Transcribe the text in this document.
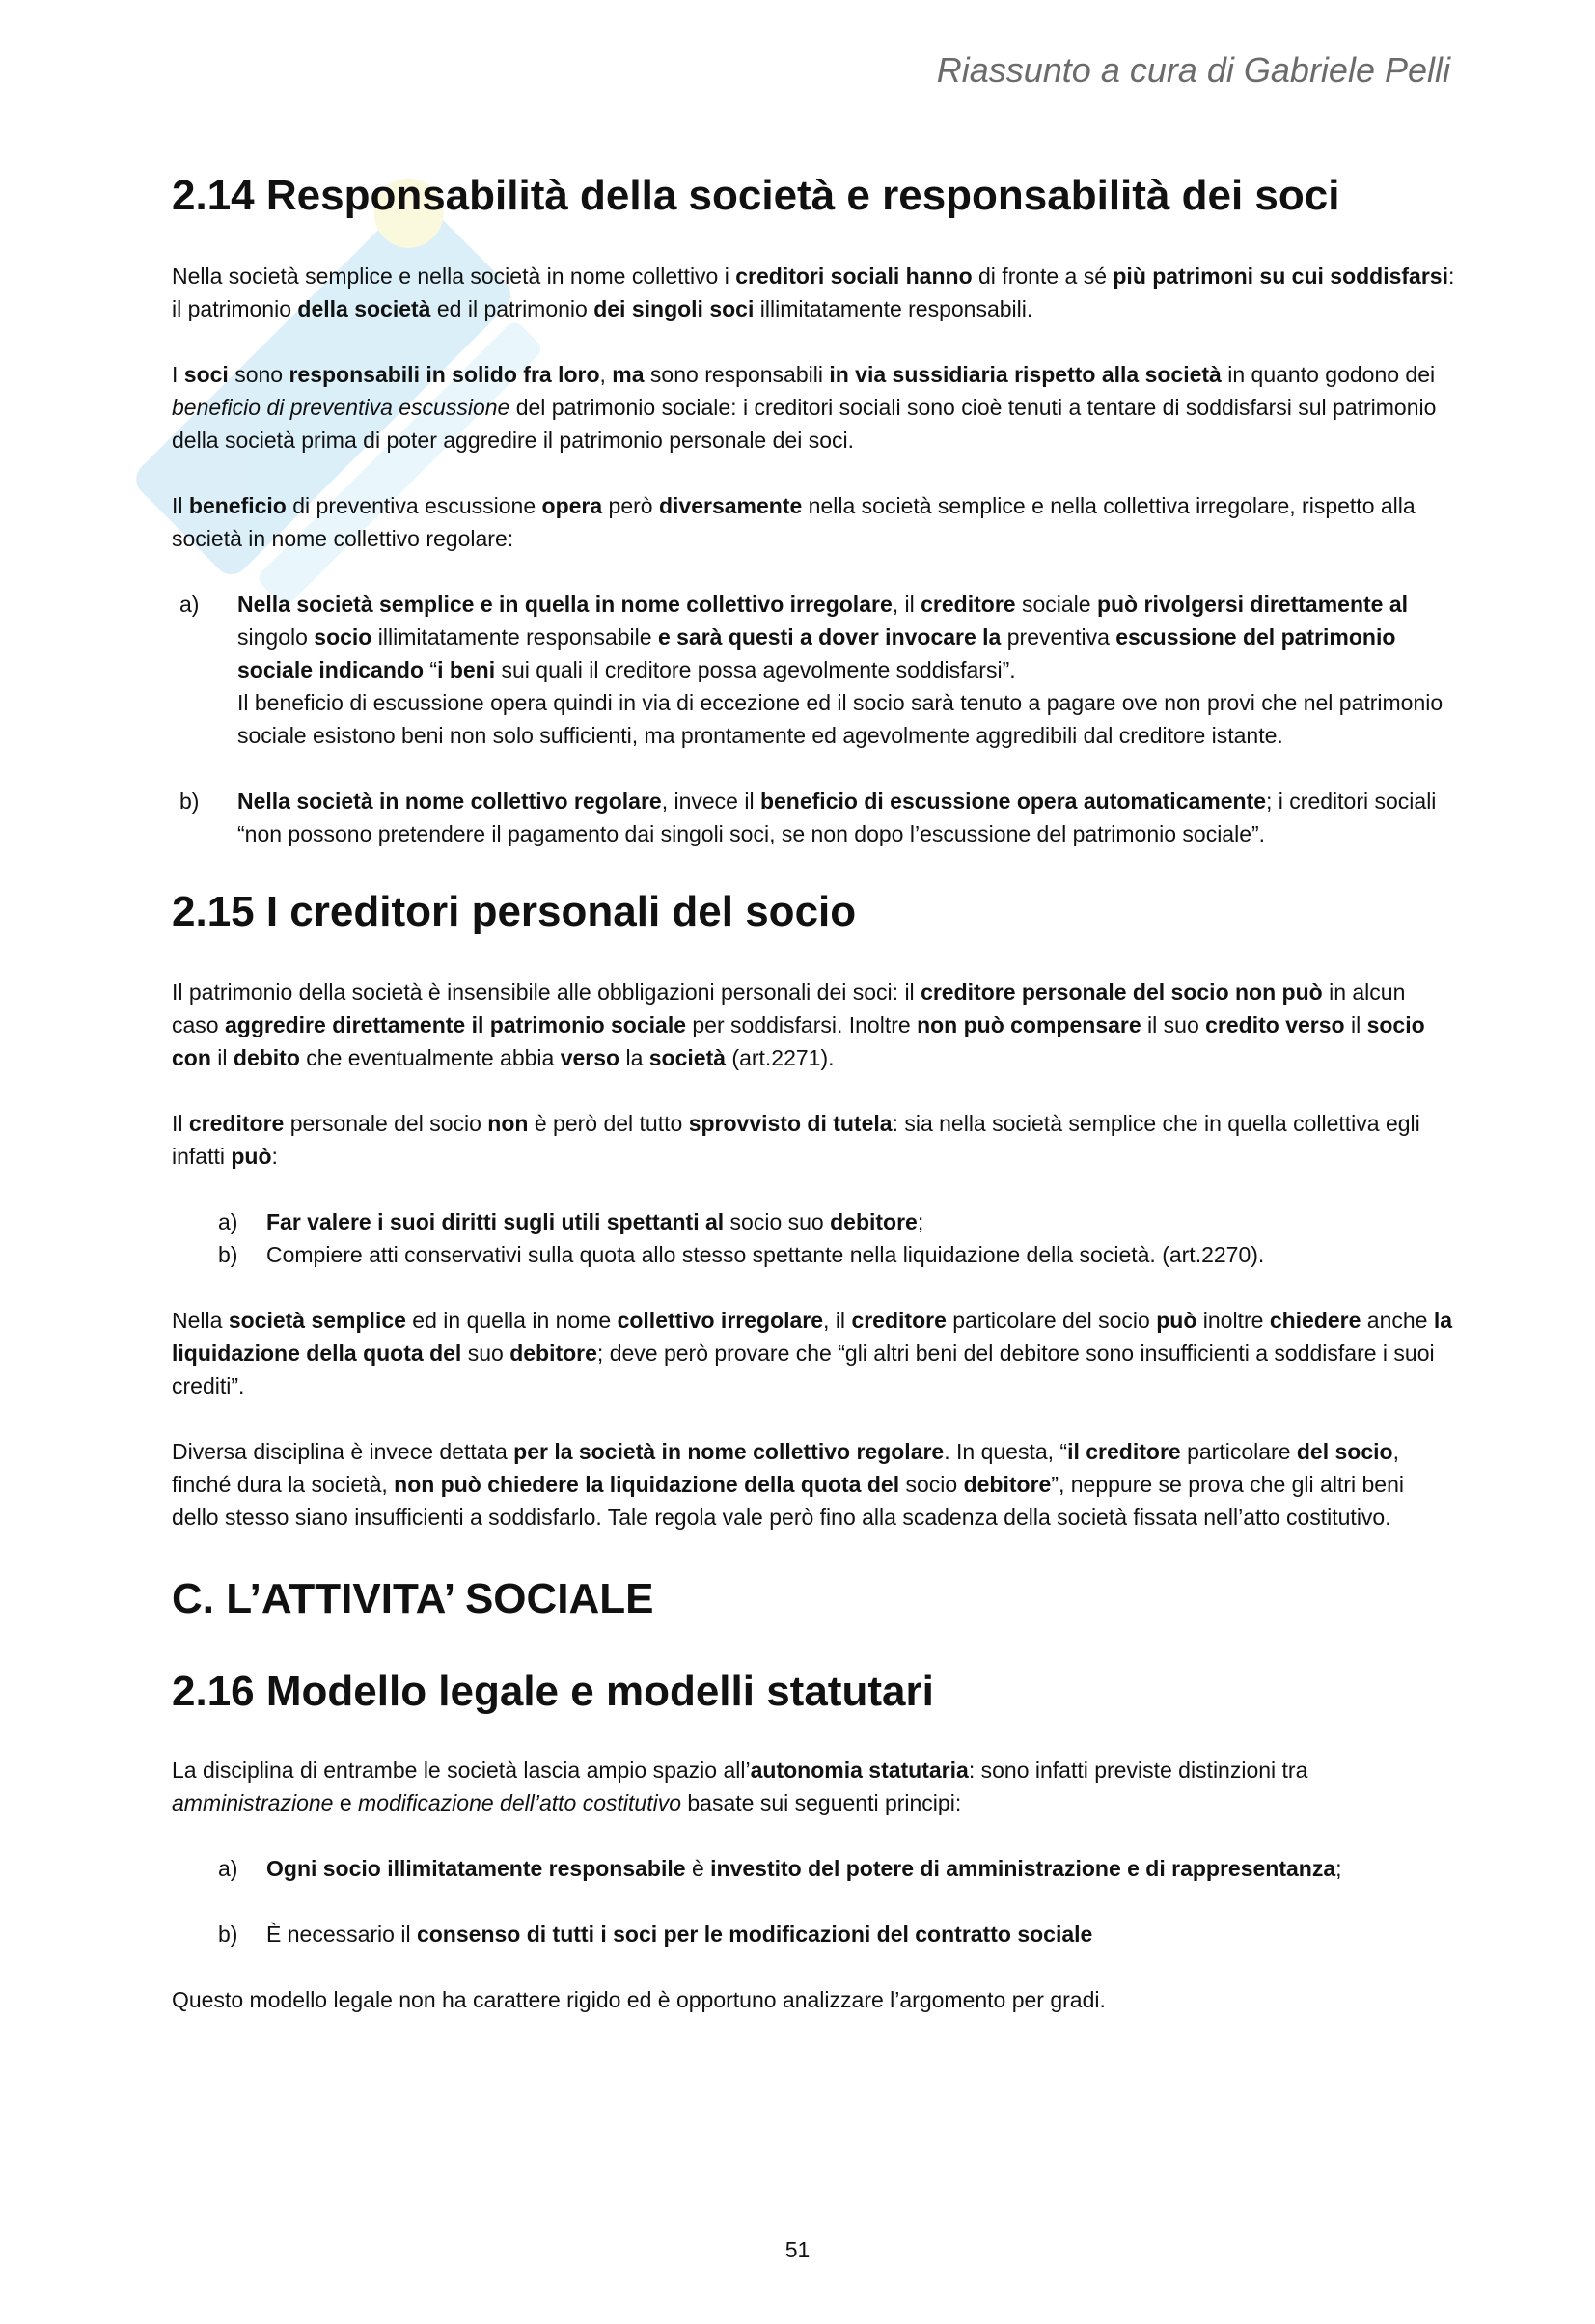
Riassunto a cura di Gabriele Pelli
2.14 Responsabilità della società e responsabilità dei soci

Nella società semplice e nella società in nome collettivo i creditori sociali hanno di fronte a sé più patrimoni su cui soddisfarsi: il patrimonio della società ed il patrimonio dei singoli soci illimitatamente responsabili.

I soci sono responsabili in solido fra loro, ma sono responsabili in via sussidiaria rispetto alla società in quanto godono dei beneficio di preventiva escussione del patrimonio sociale: i creditori sociali sono cioè tenuti a tentare di soddisfarsi sul patrimonio della società prima di poter aggredire il patrimonio personale dei soci.

Il beneficio di preventiva escussione opera però diversamente nella società semplice e nella collettiva irregolare, rispetto alla società in nome collettivo regolare:

a)	Nella società semplice e in quella in nome collettivo irregolare, il creditore sociale può rivolgersi direttamente al singolo socio illimitatamente responsabile e sarà questi a dover invocare la preventiva escussione del patrimonio sociale indicando “i beni sui quali il creditore possa agevolmente soddisfarsi”.
Il beneficio di escussione opera quindi in via di eccezione ed il socio sarà tenuto a pagare ove non provi che nel patrimonio sociale esistono beni non solo sufficienti, ma prontamente ed agevolmente aggredibili dal creditore istante.
b)	Nella società in nome collettivo regolare, invece il beneficio di escussione opera automaticamente; i creditori sociali “non possono pretendere il pagamento dai singoli soci, se non dopo l’escussione del patrimonio sociale”.
2.15 I creditori personali del socio

Il patrimonio della società è insensibile alle obbligazioni personali dei soci: il creditore personale del socio non può in alcun caso aggredire direttamente il patrimonio sociale per soddisfarsi. Inoltre non può compensare il suo credito verso il socio con il debito che eventualmente abbia verso la società (art.2271).

Il creditore personale del socio non è però del tutto sprovvisto di tutela: sia nella società semplice che in quella collettiva egli infatti può:

a)	Far valere i suoi diritti sugli utili spettanti al socio suo debitore;
b)	Compiere atti conservativi sulla quota allo stesso spettante nella liquidazione della società. (art.2270).

Nella società semplice ed in quella in nome collettivo irregolare, il creditore particolare del socio può inoltre chiedere anche la liquidazione della quota del suo debitore; deve però provare che “gli altri beni del debitore sono insufficienti a soddisfare i suoi crediti”.

Diversa disciplina è invece dettata per la società in nome collettivo regolare. In questa, “il creditore particolare del socio, finché dura la società, non può chiedere la liquidazione della quota del socio debitore”, neppure se prova che gli altri beni dello stesso siano insufficienti a soddisfarlo. Tale regola vale però fino alla scadenza della società fissata nell’atto costitutivo.

C. L’ATTIVITA’ SOCIALE
2.16 Modello legale e modelli statutari

La disciplina di entrambe le società lascia ampio spazio all’autonomia statutaria: sono infatti previste distinzioni tra amministrazione e modificazione dell’atto costitutivo basate sui seguenti principi:

a)	Ogni socio illimitatamente responsabile è investito del potere di amministrazione e di rappresentanza;
b)	È necessario il consenso di tutti i soci per le modificazioni del contratto sociale

Questo modello legale non ha carattere rigido ed è opportuno analizzare l’argomento per gradi.

51
